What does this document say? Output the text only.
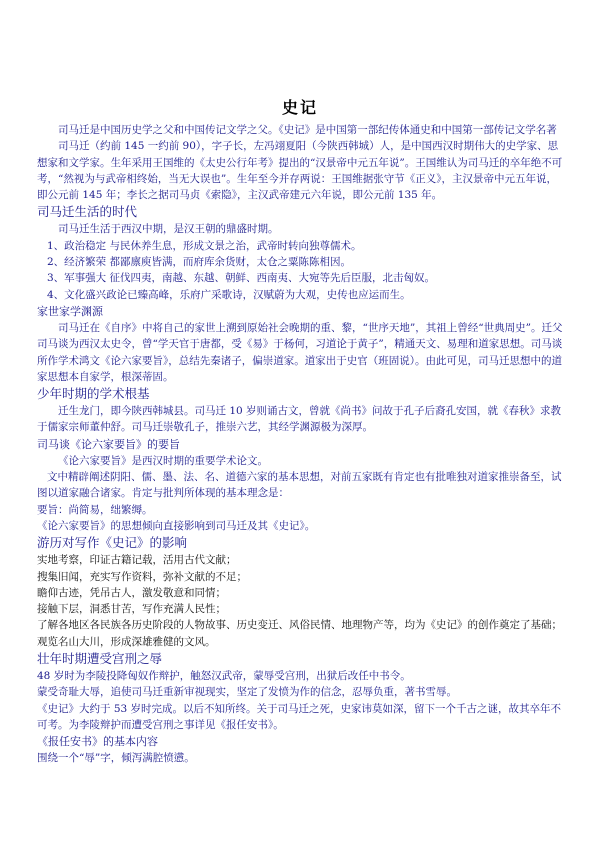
史记

司马迁是中国历史学之父和中国传记文学之父。《史记》是中国第一部纪传体通史和中国第一部传记文学名著

司马迁（约前 145 一约前 90），字子长，左冯翊夏阳（今陕西韩城）人，是中国西汉时期伟大的史学家、思想家和文学家。生年采用王国维的《太史公行年考》提出的“汉景帝中元五年说”。王国维认为司马迁的卒年绝不可考，“然视为与武帝相终始，当无大误也”。生年至今并存两说：王国维据张守节《正义》，主汉景帝中元五年说，即公元前 145 年；李长之据司马贞《索隐》，主汉武帝建元六年说，即公元前 135 年。

司马迁生活的时代

司马迁生活于西汉中期，是汉王朝的鼎盛时期。

1、政治稳定 与民休养生息，形成文景之治，武帝时转向独尊儒术。

2、经济繁荣 都鄙廪庾皆满，而府库余货财，太仓之粟陈陈相因。

3、军事强大 征伐四夷，南越、东越、朝鲜、西南夷、大宛等先后臣服，北击匈奴。

4、文化盛兴政论已臻高峰，乐府广采歌诗，汉赋蔚为大观，史传也应运而生。

家世家学渊源

司马迁在《自序》中将自己的家世上溯到原始社会晚期的重、黎，“世序天地”，其祖上曾经“世典周史”。迁父司马谈为西汉太史令，曾“学天官于唐都，受《易》于杨何，习道论于黄子”，精通天文、易理和道家思想。司马谈所作学术鸿文《论六家要旨》，总结先秦诸子，偏崇道家。道家出于史官（班固说）。由此可见，司马迁思想中的道家思想本自家学，根深蒂固。

少年时期的学术根基

迁生龙门，即今陕西韩城县。司马迁 10 岁则诵古文，曾就《尚书》问故于孔子后裔孔安国，就《春秋》求教于儒家宗师董仲舒。司马迁崇敬孔子，推崇六艺，其经学渊源极为深厚。

司马谈《论六家要旨》的要旨

《论六家要旨》是西汉时期的重要学术论文。

文中精辟阐述阴阳、儒、墨、法、名、道德六家的基本思想，对前五家既有肯定也有批唯独对道家推崇备至，试图以道家融合诸家。肯定与批判所体现的基本理念是：

要旨：尚简易，绌繁缛。

《论六家要旨》的思想倾向直接影响到司马迁及其《史记》。

游历对写作《史记》的影响

实地考察，印证古籍记载，活用古代文献；

搜集旧闻，充实写作资料，弥补文献的不足；

瞻仰古迹，凭吊古人，激发敬意和同情；

接触下层，洞悉甘苦，写作充满人民性；

了解各地区各民族各历史阶段的人物故事、历史变迁、风俗民情、地理物产等，均为《史记》的创作奠定了基础；

观览名山大川，形成深雄雅健的文风。

壮年时期遭受宫刑之辱

48 岁时为李陵投降匈奴作辩护，触怒汉武帝，蒙辱受宫刑，出狱后改任中书令。

蒙受奇耻大辱，追使司马迁重新审视现实，坚定了发愤为作的信念，忍辱负重，著书雪辱。

《史记》大约于 53 岁时完成。以后不知所终。关于司马迁之死，史家讳莫如深，留下一个千古之谜，故其卒年不可考。为李陵辩护而遭受宫刑之事详见《报任安书》。

《报任安书》的基本内容

围绕一个“辱”字，倾泻满腔愤懑。
